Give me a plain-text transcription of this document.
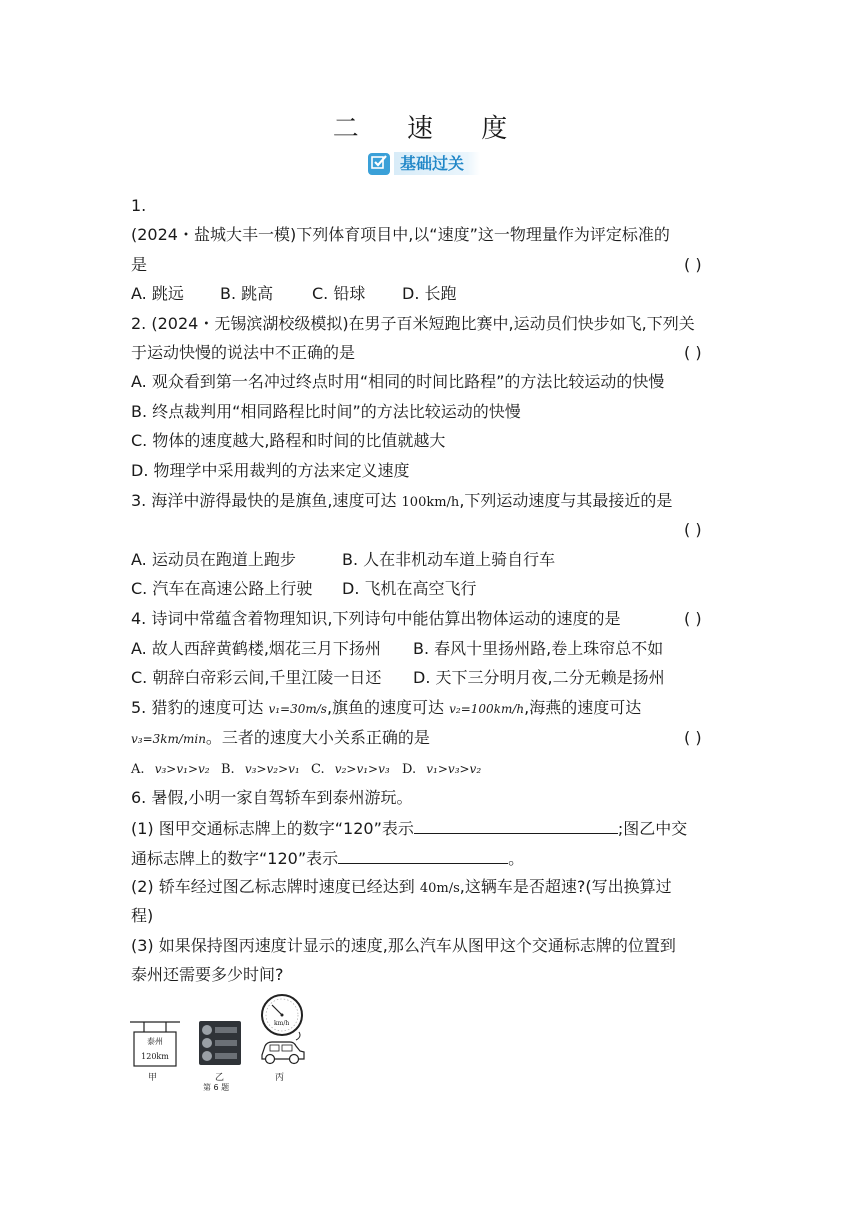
二 速 度
基础过关
1.
(2024・盐城大丰一模)下列体育项目中,以“速度”这一物理量作为评定标准的
是	( )
A. 跳远 B. 跳高 C. 铅球 D. 长跑
2. (2024・无锡滨湖校级模拟)在男子百米短跑比赛中,运动员们快步如飞,下列关
于运动快慢的说法中不正确的是	( )
A. 观众看到第一名冲过终点时用“相同的时间比路程”的方法比较运动的快慢
B. 终点裁判用“相同路程比时间”的方法比较运动的快慢
C. 物体的速度越大,路程和时间的比值就越大
D. 物理学中采用裁判的方法来定义速度
3. 海洋中游得最快的是旗鱼,速度可达 100km/h,下列运动速度与其最接近的是
( )
A. 运动员在跑道上跑步	B. 人在非机动车道上骑自行车
C. 汽车在高速公路上行驶 D. 飞机在高空飞行
4. 诗词中常蕴含着物理知识,下列诗句中能估算出物体运动的速度的是	( )
A. 故人西辞黄鹤楼,烟花三月下扬州 B. 春风十里扬州路,卷上珠帘总不如
C. 朝辞白帝彩云间,千里江陵一日还 D. 天下三分明月夜,二分无赖是扬州
5. 猎豹的速度可达 v₁=30m/s,旗鱼的速度可达 v₂=100km/h,海燕的速度可达
v₃=3km/min。三者的速度大小关系正确的是	( )
A. v₃>v₁>v₂ B. v₃>v₂>v₁ C. v₂>v₁>v₃ D. v₁>v₃>v₂
6. 暑假,小明一家自驾轿车到泰州游玩。
(1) 图甲交通标志牌上的数字“120”表示	;图乙中交
通标志牌上的数字“120”表示	。
(2) 轿车经过图乙标志牌时速度已经达到 40m/s,这辆车是否超速?(写出换算过
程)
(3) 如果保持图丙速度计显示的速度,那么汽车从图甲这个交通标志牌的位置到
泰州还需要多少时间?
泰州
120km
甲	乙
第 6 题
km/h
丙
